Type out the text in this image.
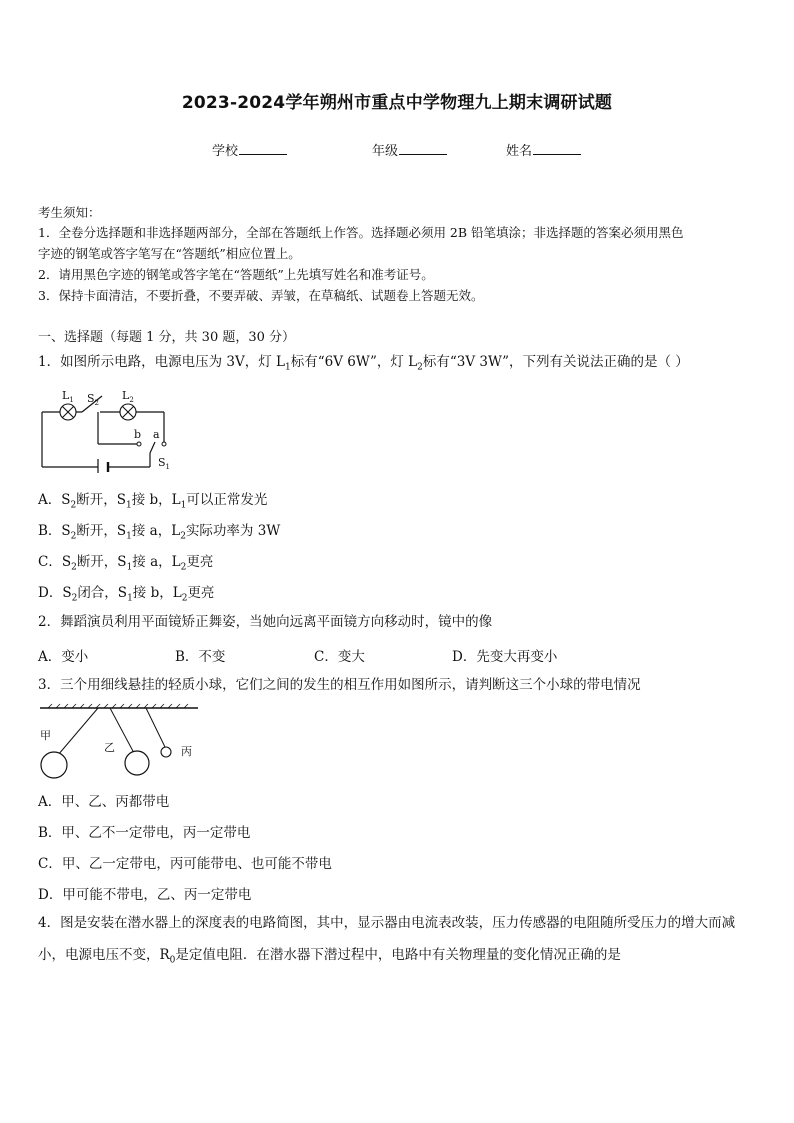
2023-2024学年朔州市重点中学物理九上期末调研试题
学校	年级	姓名
考生须知：
1．全卷分选择题和非选择题两部分，全部在答题纸上作答。选择题必须用 2B 铅笔填涂；非选择题的答案必须用黑色
字迹的钢笔或答字笔写在“答题纸”相应位置上。
2．请用黑色字迹的钢笔或答字笔在“答题纸”上先填写姓名和准考证号。
3．保持卡面清洁，不要折叠，不要弄破、弄皱，在草稿纸、试题卷上答题无效。
一、选择题（每题 1 分，共 30 题，30 分）
1．如图所示电路，电源电压为 3V，灯 $L_1$标有“6V 6W”，灯 $L_2$标有“3V 3W”，下列有关说法正确的是（ ）
$L_1$ $S_2$
$L_2$
b a
$S_1$
A．$S_2$断开，$S_1$接 b，$L_1$可以正常发光
B．$S_2$断开，$S_1$接 a，$L_2$实际功率为 3W
C．$S_2$断开，$S_1$接 a，$L_2$更亮
D．$S_2$闭合，$S_1$接 b，$L_2$更亮
2．舞蹈演员利用平面镜矫正舞姿，当她向远离平面镜方向移动时，镜中的像
A．变小	B．不变	C．变大	D．先变大再变小
3．三个用细线悬挂的轻质小球，它们之间的发生的相互作用如图所示，请判断这三个小球的带电情况
甲
乙	丙
A．甲、乙、丙都带电
B．甲、乙不一定带电，丙一定带电
C．甲、乙一定带电，丙可能带电、也可能不带电
D．甲可能不带电，乙、丙一定带电
4．图是安装在潜水器上的深度表的电路简图，其中，显示器由电流表改装，压力传感器的电阻随所受压力的增大而减
小，电源电压不变，$R_0$是定值电阻．在潜水器下潜过程中，电路中有关物理量的变化情况正确的是
